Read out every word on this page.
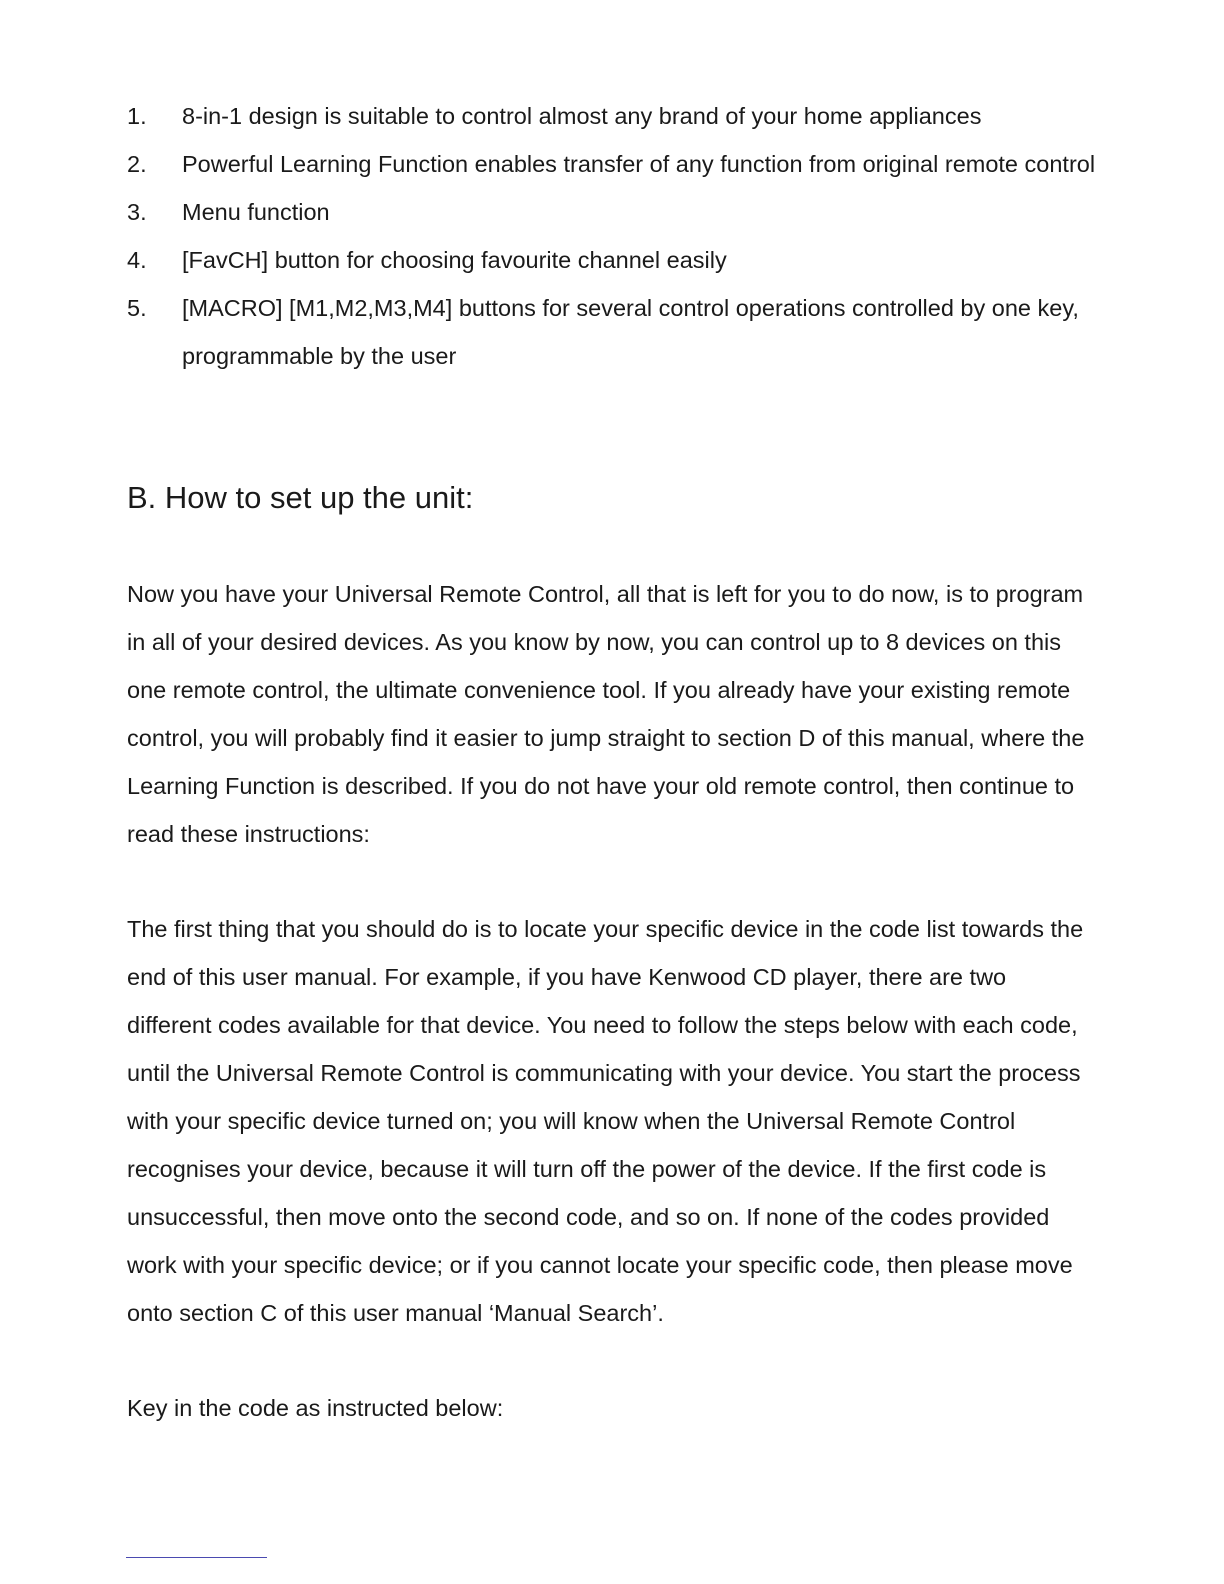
1.	8-in-1 design is suitable to control almost any brand of your home appliances
2.	Powerful Learning Function enables transfer of any function from original remote control
3.	Menu function
4.	[FavCH] button for choosing favourite channel easily
5.	[MACRO] [M1,M2,M3,M4] buttons for several control operations controlled by one key, programmable by the user
B. How to set up the unit:

Now you have your Universal Remote Control, all that is left for you to do now, is to program in all of your desired devices. As you know by now, you can control up to 8 devices on this one remote control, the ultimate convenience tool. If you already have your existing remote control, you will probably find it easier to jump straight to section D of this manual, where the Learning Function is described. If you do not have your old remote control, then continue to read these instructions:

The first thing that you should do is to locate your specific device in the code list towards the end of this user manual. For example, if you have Kenwood CD player, there are two different codes available for that device. You need to follow the steps below with each code, until the Universal Remote Control is communicating with your device. You start the process with your specific device turned on; you will know when the Universal Remote Control recognises your device, because it will turn off the power of the device. If the first code is unsuccessful, then move onto the second code, and so on. If none of the codes provided work with your specific device; or if you cannot locate your specific code, then please move onto section C of this user manual ‘Manual Search’.

Key in the code as instructed below:
